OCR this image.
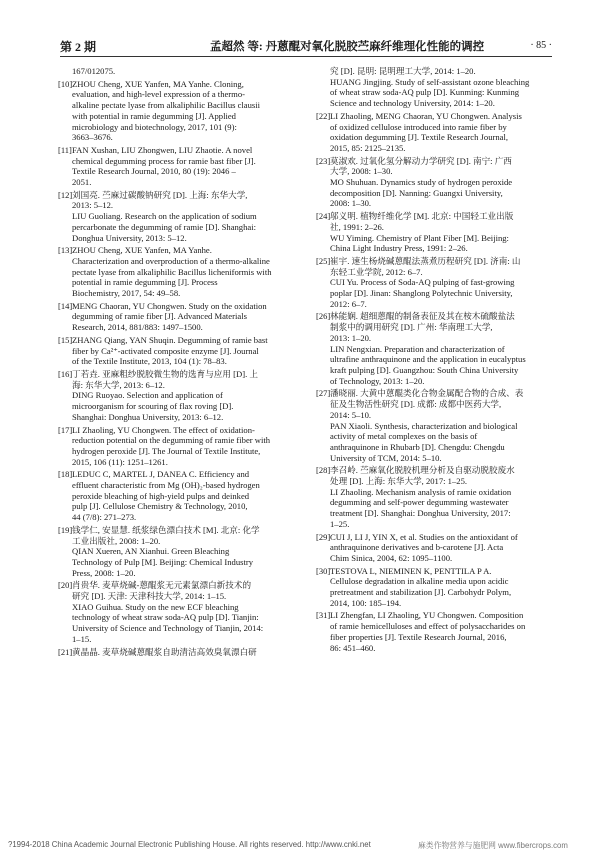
第 2 期	孟超然 等: 丹蒽醌对氧化脱胶苎麻纤维理化性能的调控	· 85 ·
167/012075.
[10] ZHOU Cheng, XUE Yanfen, MA Yanhe. Cloning,
evaluation, and high-level expression of a thermo-
alkaline pectate lyase from alkaliphilic Bacillus clausii
with potential in ramie degumming [J]. Applied
microbiology and biotechnology, 2017, 101 (9):
3663–3676.
[11] FAN Xushan, LIU Zhongwen, LIU Zhaotie. A novel
chemical degumming process for ramie bast fiber [J].
Textile Research Journal, 2010, 80 (19): 2046 –
2051.
[12] 刘国亮. 苎麻过碳酸钠研究 [D]. 上海: 东华大学,
2013: 5–12.
LIU Guoliang. Research on the application of sodium
percarbonate the degumming of ramie [D]. Shanghai:
Donghua University, 2013: 5–12.
[13] ZHOU Cheng, XUE Yanfen, MA Yanhe.
Characterization and overproduction of a thermo-alkaline
pectate lyase from alkaliphilic Bacillus licheniformis with
potential in ramie degumming [J]. Process
Biochemistry, 2017, 54: 49–58.
[14] MENG Chaoran, YU Chongwen. Study on the oxidation
degumming of ramie fiber [J]. Advanced Materials
Research, 2014, 881/883: 1497–1500.
[15] ZHANG Qiang, YAN Shuqin. Degumming of ramie bast
fiber by Ca²⁺-activated composite enzyme [J]. Journal
of the Textile Institute, 2013, 104 (1): 78–83.
[16] 丁若垚. 亚麻粗纱脱胶微生物的选育与应用 [D]. 上
海: 东华大学, 2013: 6–12.
DING Ruoyao. Selection and application of
microorganism for scouring of flax roving [D].
Shanghai: Donghua University, 2013: 6–12.
[17] LI Zhaoling, YU Chongwen. The effect of oxidation-
reduction potential on the degumming of ramie fiber with
hydrogen peroxide [J]. The Journal of Textile Institute,
2015, 106 (11): 1251–1261.
[18] LEDUC C, MARTEL J, DANEA C. Efficiency and
effluent characteristic from Mg (OH)₂-based hydrogen
peroxide bleaching of high-yield pulps and deinked
pulp [J]. Cellulose Chemistry & Technology, 2010,
44 (7/8): 271–273.
[19] 钱学仁, 安显慧. 纸浆绿色漂白技术 [M]. 北京: 化学
工业出版社, 2008: 1–20.
QIAN Xueren, AN Xianhui. Green Bleaching
Technology of Pulp [M]. Beijing: Chemical Industry
Press, 2008: 1–20.
[20] 肖贵华. 麦草烧碱-蒽醌浆无元素氯漂白新技术的
研究 [D]. 天津: 天津科技大学, 2014: 1–15.
XIAO Guihua. Study on the new ECF bleaching
technology of wheat straw soda-AQ pulp [D]. Tianjin:
University of Science and Technology of Tianjin, 2014:
1–15.
[21] 黄晶晶. 麦草烧碱蒽醌浆自助清洁高效臭氧漂白研
究 [D]. 昆明: 昆明理工大学, 2014: 1–20.
HUANG Jingjing. Study of self-assistant ozone bleaching
of wheat straw soda-AQ pulp [D]. Kunming: Kunming
Science and technology University, 2014: 1–20.
[22] LI Zhaoling, MENG Chaoran, YU Chongwen. Analysis
of oxidized cellulose introduced into ramie fiber by
oxidation degumming [J]. Textile Research Journal,
2015, 85: 2125–2135.
[23] 莫淑欢. 过氧化氢分解动力学研究 [D]. 南宁: 广西
大学, 2008: 1–30.
MO Shuhuan. Dynamics study of hydrogen peroxide
decomposition [D]. Nanning: Guangxi University,
2008: 1–30.
[24] 邬义明. 植物纤维化学 [M]. 北京: 中国轻工业出版
社, 1991: 2–26.
WU Yiming. Chemistry of Plant Fiber [M]. Beijing:
China Light Industry Press, 1991: 2–26.
[25] 崔宇. 速生杨烧碱蒽醌法蒸煮历程研究 [D]. 济南: 山
东轻工业学院, 2012: 6–7.
CUI Yu. Process of Soda-AQ pulping of fast-growing
poplar [D]. Jinan: Shanglong Polytechnic University,
2012: 6–7.
[26] 林能娴. 超细蒽醌的制备表征及其在桉木硫酸盐法
制浆中的调用研究 [D]. 广州: 华南理工大学,
2013: 1–20.
LIN Nengxian. Preparation and characterization of
ultrafine anthraquinone and the application in eucalyptus
kraft pulping [D]. Guangzhou: South China University
of Technology, 2013: 1–20.
[27] 潘晓丽. 大黄中蒽醌类化合物金属配合物的合成、表
征及生物活性研究 [D]. 成都: 成都中医药大学,
2014: 5–10.
PAN Xiaoli. Synthesis, characterization and biological
activity of metal complexes on the basis of
anthraquinone in Rhubarb [D]. Chengdu: Chengdu
University of TCM, 2014: 5–10.
[28] 李召岭. 苎麻氧化脱胶机理分析及自驱动脱胶废水
处理 [D]. 上海: 东华大学, 2017: 1–25.
LI Zhaoling. Mechanism analysis of ramie oxidation
degumming and self-power degumming wastewater
treatment [D]. Shanghai: Donghua University, 2017:
1–25.
[29] CUI J, LI J, YIN X, et al. Studies on the antioxidant of
anthraquinone derivatives and b-carotene [J]. Acta
Chim Sinica, 2004, 62: 1095–1100.
[30] TESTOVA L, NIEMINEN K, PENTTILA P A.
Cellulose degradation in alkaline media upon acidic
pretreatment and stabilization [J]. Carbohydr Polym,
2014, 100: 185–194.
[31] LI Zhengfan, LI Zhaoling, YU Chongwen. Composition
of ramie hemicelluloses and effect of polysaccharides on
fiber properties [J]. Textile Research Journal, 2016,
86: 451–460.
?1994-2018 China Academic Journal Electronic Publishing House. All rights reserved. http://www.cnki.net	麻类作物营养与施肥网 www.fibercrops.com
